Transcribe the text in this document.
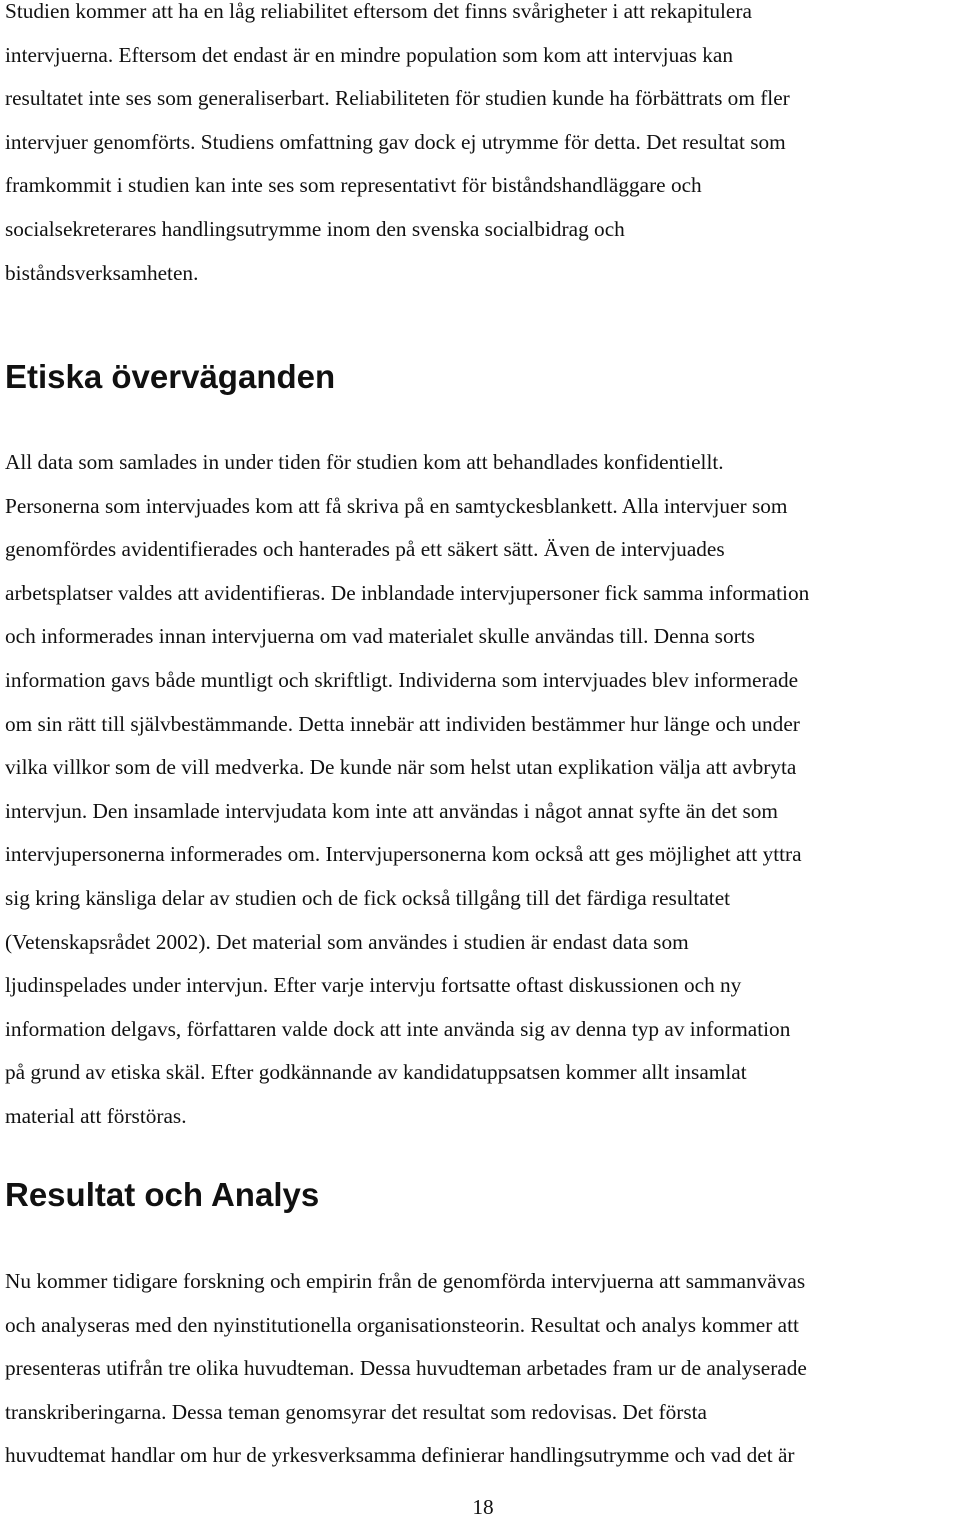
Studien kommer att ha en låg reliabilitet eftersom det finns svårigheter i att rekapitulera
intervjuerna. Eftersom det endast är en mindre population som kom att intervjuas kan
resultatet inte ses som generaliserbart. Reliabiliteten för studien kunde ha förbättrats om fler
intervjuer genomförts. Studiens omfattning gav dock ej utrymme för detta. Det resultat som
framkommit i studien kan inte ses som representativt för biståndshandläggare och
socialsekreterares handlingsutrymme inom den svenska socialbidrag och
biståndsverksamheten.

Etiska överväganden

All data som samlades in under tiden för studien kom att behandlades konfidentiellt.
Personerna som intervjuades kom att få skriva på en samtyckesblankett. Alla intervjuer som
genomfördes avidentifierades och hanterades på ett säkert sätt. Även de intervjuades
arbetsplatser valdes att avidentifieras. De inblandade intervjupersoner fick samma information
och informerades innan intervjuerna om vad materialet skulle användas till. Denna sorts
information gavs både muntligt och skriftligt. Individerna som intervjuades blev informerade
om sin rätt till självbestämmande. Detta innebär att individen bestämmer hur länge och under
vilka villkor som de vill medverka. De kunde när som helst utan explikation välja att avbryta
intervjun. Den insamlade intervjudata kom inte att användas i något annat syfte än det som
intervjupersonerna informerades om. Intervjupersonerna kom också att ges möjlighet att yttra
sig kring känsliga delar av studien och de fick också tillgång till det färdiga resultatet
(Vetenskapsrådet 2002). Det material som användes i studien är endast data som
ljudinspelades under intervjun. Efter varje intervju fortsatte oftast diskussionen och ny
information delgavs, författaren valde dock att inte använda sig av denna typ av information
på grund av etiska skäl. Efter godkännande av kandidatuppsatsen kommer allt insamlat
material att förstöras.

Resultat och Analys

Nu kommer tidigare forskning och empirin från de genomförda intervjuerna att sammanvävas
och analyseras med den nyinstitutionella organisationsteorin. Resultat och analys kommer att
presenteras utifrån tre olika huvudteman. Dessa huvudteman arbetades fram ur de analyserade
transkriberingarna. Dessa teman genomsyrar det resultat som redovisas. Det första
huvudtemat handlar om hur de yrkesverksamma definierar handlingsutrymme och vad det är

18
